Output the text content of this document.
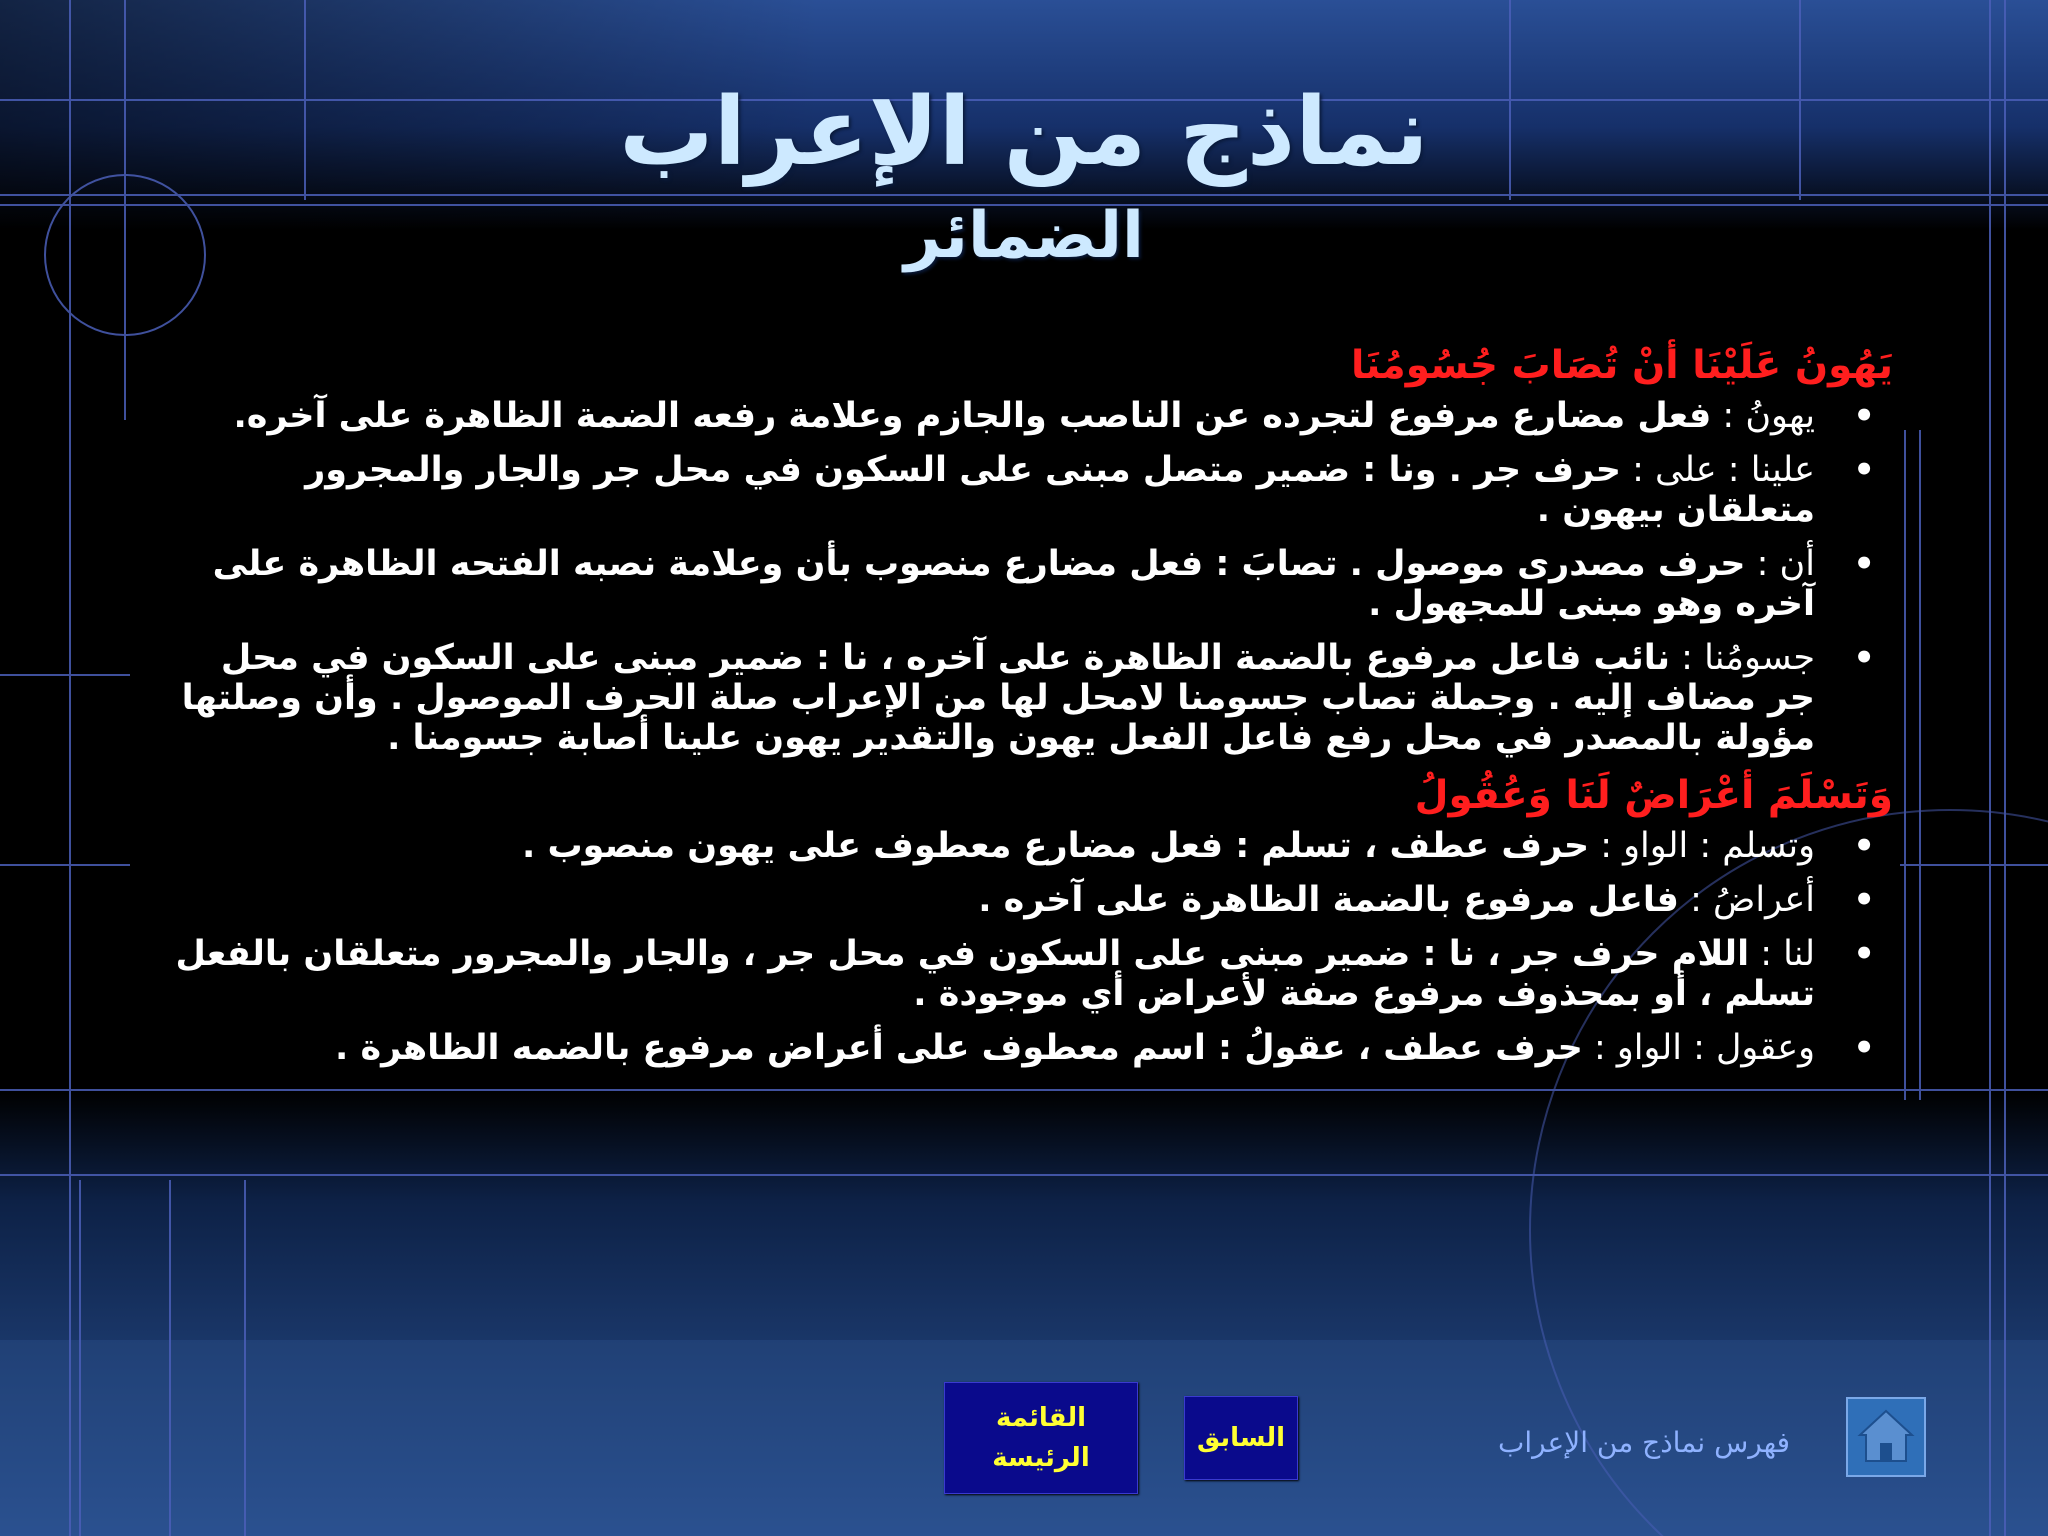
نماذج من الإعراب
الضمائر
يَهُونُ عَلَيْنَا أنْ تُصَابَ جُسُومُنَا
•
يهونُ : فعل مضارع مرفوع لتجرده عن الناصب والجازم وعلامة رفعه الضمة الظاهرة على آخره.
•
علينا : على : حرف جر . ونا : ضمير متصل مبنى على السكون في محل جر والجار والمجرور متعلقان بيهون .
•
أن : حرف مصدرى موصول . تصابَ : فعل مضارع منصوب بأن وعلامة نصبه الفتحه الظاهرة على آخره وهو مبنى للمجهول .
•
جسومُنا : نائب فاعل مرفوع بالضمة الظاهرة على آخره ، نا : ضمير مبنى على السكون في محل جر مضاف إليه . وجملة تصاب جسومنا لامحل لها من الإعراب صلة الحرف الموصول . وأن وصلتها مؤولة بالمصدر في محل رفع فاعل الفعل يهون والتقدير يهون علينا أصابة جسومنا .
وَتَسْلَمَ أعْرَاضٌ لَنَا وَعُقُولُ
•
وتسلم : الواو : حرف عطف ، تسلم : فعل مضارع معطوف على يهون منصوب .
•
أعراضُ : فاعل مرفوع بالضمة الظاهرة على آخره .
•
لنا : اللام حرف جر ، نا : ضمير مبنى على السكون في محل جر ، والجار والمجرور متعلقان بالفعل تسلم ، أو بمحذوف مرفوع صفة لأعراض أي موجودة .
•
وعقول : الواو : حرف عطف ، عقولُ : اسم معطوف على أعراض مرفوع بالضمه الظاهرة .
القائمة
الرئيسة
السابق	فهرس نماذج من الإعراب
